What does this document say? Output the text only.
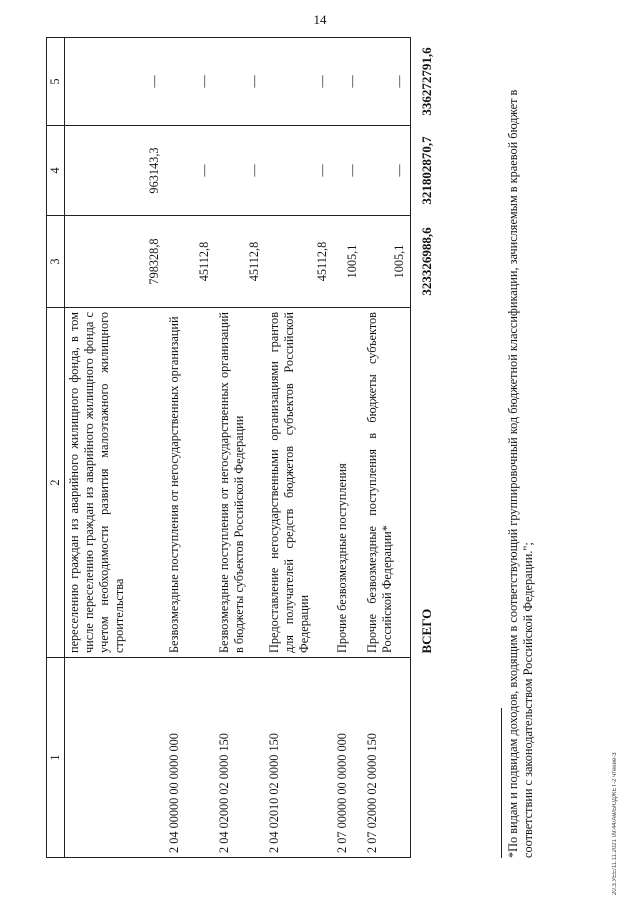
14
20.3.УЕЕ/11.11.2021 09:44/Ам/БЮДЖЕТ-2 чтение-3
1	2	3	4	5
	переселению граждан из аварийного жилищного фонда, в том числе переселению граждан из аварийного жилищного фонда с учетом необходимости развития малоэтажного жилищного строительства	798328,8	963143,3	—
2 04 00000 00 0000 000	Безвозмездные поступления от негосударственных организаций	45112,8	—	—
2 04 02000 02 0000 150	Безвозмездные поступления от негосударственных организаций в бюджеты субъектов Российской Федерации	45112,8	—	—
2 04 02010 02 0000 150	Предоставление негосударственными организациями грантов для получателей средств бюджетов субъектов Российской Федерации	45112,8	—	—
2 07 00000 00 0000 000	Прочие безвозмездные поступления	1005,1	—	—
2 07 02000 02 0000 150	Прочие безвозмездные поступления в бюджеты субъектов Российской Федерации*	1005,1	—	—
	ВСЕГО	323326988,6	321802870,7	336272791,6
*По видам и подвидам доходов, входящим в соответствующий группировочный код бюджетной классификации, зачисляемым в краевой бюджет в соответствии с законодательством Российской Федерации.";
